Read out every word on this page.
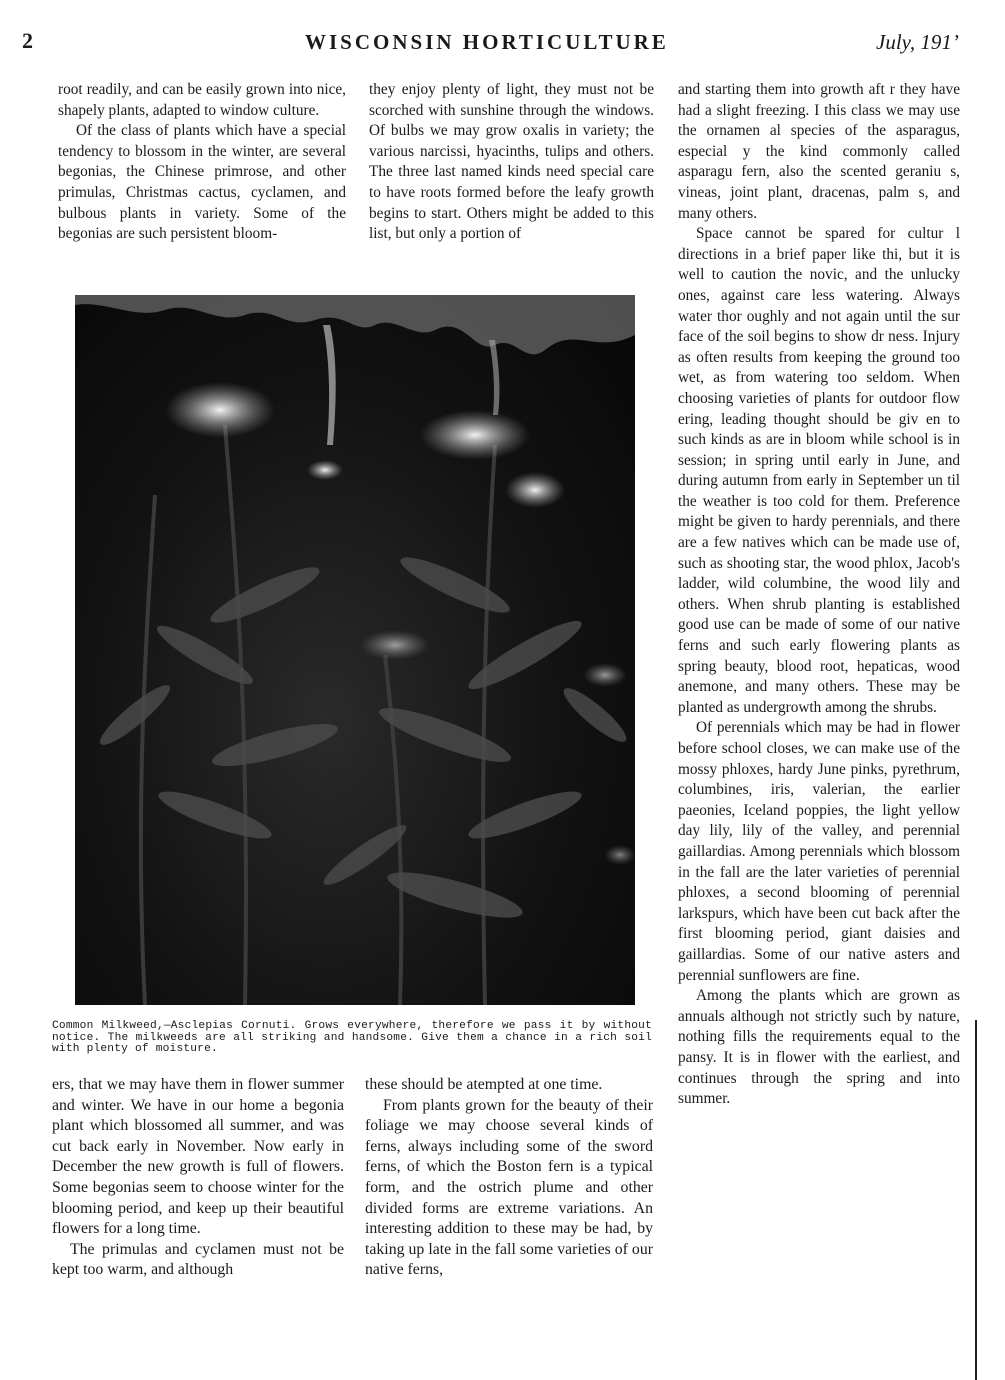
2	WISCONSIN HORTICULTURE	July, 191ʼ

root readily, and can be easily grown into nice, shapely plants, adapted to window culture.

Of the class of plants which have a special tendency to blossom in the winter, are several begonias, the Chinese primrose, and other primulas, Christmas cactus, cyclamen, and bulbous plants in variety. Some of the begonias are such persistent bloom-

they enjoy plenty of light, they must not be scorched with sunshine through the windows. Of bulbs we may grow oxalis in variety; the various narcissi, hyacinths, tulips and others. The three last named kinds need special care to have roots formed before the leafy growth begins to start. Others might be added to this list, but only a portion of

and starting them into growth aft r they have had a slight freezing. I this class we may use the ornamen al species of the asparagus, especial y the kind commonly called asparagu fern, also the scented geraniu s, vineas, joint plant, dracenas, palm s, and many others.

Space cannot be spared for cultur l directions in a brief paper like thi, but it is well to caution the novic, and the unlucky ones, against care less watering. Always water thor oughly and not again until the sur face of the soil begins to show dr ness. Injury as often results from keeping the ground too wet, as from watering too seldom. When choosing varieties of plants for outdoor flow ering, leading thought should be giv en to such kinds as are in bloom while school is in session; in spring until early in June, and during autumn from early in September un til the weather is too cold for them. Preference might be given to hardy perennials, and there are a few natives which can be made use of, such as shooting star, the wood phlox, Jacob's ladder, wild columbine, the wood lily and others. When shrub planting is established good use can be made of some of our native ferns and such early flowering plants as spring beauty, blood root, hepaticas, wood anemone, and many others. These may be planted as undergrowth among the shrubs.

Of perennials which may be had in flower before school closes, we can make use of the mossy phloxes, hardy June pinks, pyrethrum, columbines, iris, valerian, the earlier paeonies, Iceland poppies, the light yellow day lily, lily of the valley, and perennial gaillardias. Among perennials which blossom in the fall are the later varieties of perennial phloxes, a second blooming of perennial larkspurs, which have been cut back after the first blooming period, giant daisies and gaillardias. Some of our native asters and perennial sunflowers are fine.

Among the plants which are grown as annuals although not strictly such by nature, nothing fills the requirements equal to the pansy. It is in flower with the earliest, and continues through the spring and into summer.

Common Milkweed,—Asclepias Cornuti. Grows everywhere, therefore we pass it by without notice. The milkweeds are all striking and handsome. Give them a chance in a rich soil with plenty of moisture.

ers, that we may have them in flower summer and winter. We have in our home a begonia plant which blossomed all summer, and was cut back early in November. Now early in December the new growth is full of flowers. Some begonias seem to choose winter for the blooming period, and keep up their beautiful flowers for a long time.

The primulas and cyclamen must not be kept too warm, and although

these should be atempted at one time.

From plants grown for the beauty of their foliage we may choose several kinds of ferns, always including some of the sword ferns, of which the Boston fern is a typical form, and the ostrich plume and other divided forms are extreme variations. An interesting addition to these may be had, by taking up late in the fall some varieties of our native ferns,
